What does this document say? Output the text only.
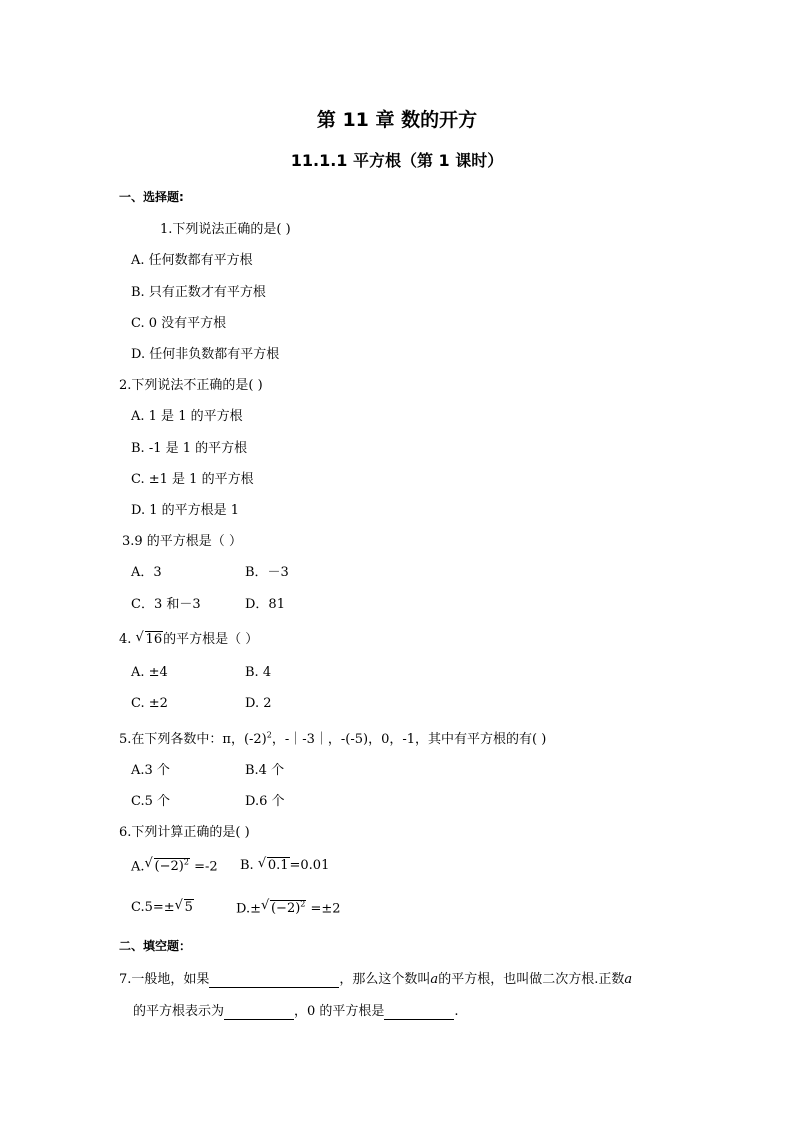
第 11 章 数的开方
11.1.1 平方根（第 1 课时）
一、选择题:
1.下列说法正确的是( )
A. 任何数都有平方根
B. 只有正数才有平方根
C. 0 没有平方根
D. 任何非负数都有平方根
2.下列说法不正确的是( )
A. 1 是 1 的平方根
B. -1 是 1 的平方根
C. ±1 是 1 的平方根
D. 1 的平方根是 1
3.9 的平方根是（ ）
A．3	B．－3
C．3 和－3	D．81
4. √ 16的平方根是（ ）
A. ±4	B. 4
C. ±2	D. 2
5.在下列各数中：π，$(-2)^2$，-｜-3｜，-(-5)，0，-1，其中有平方根的有( )
A.3 个	B.4 个
C.5 个	D.6 个
6.下列计算正确的是( )
A. √ $(-2)^2 =-2$ B. √ 0.1=0.01
C.5=± √ 5	D.± √ $(-2)^2 =\pm 2$
二、填空题：
7.一般地，如果	，那么这个数叫a的平方根，也叫做二次方根.正数a
的平方根表示为	，0 的平方根是	.
